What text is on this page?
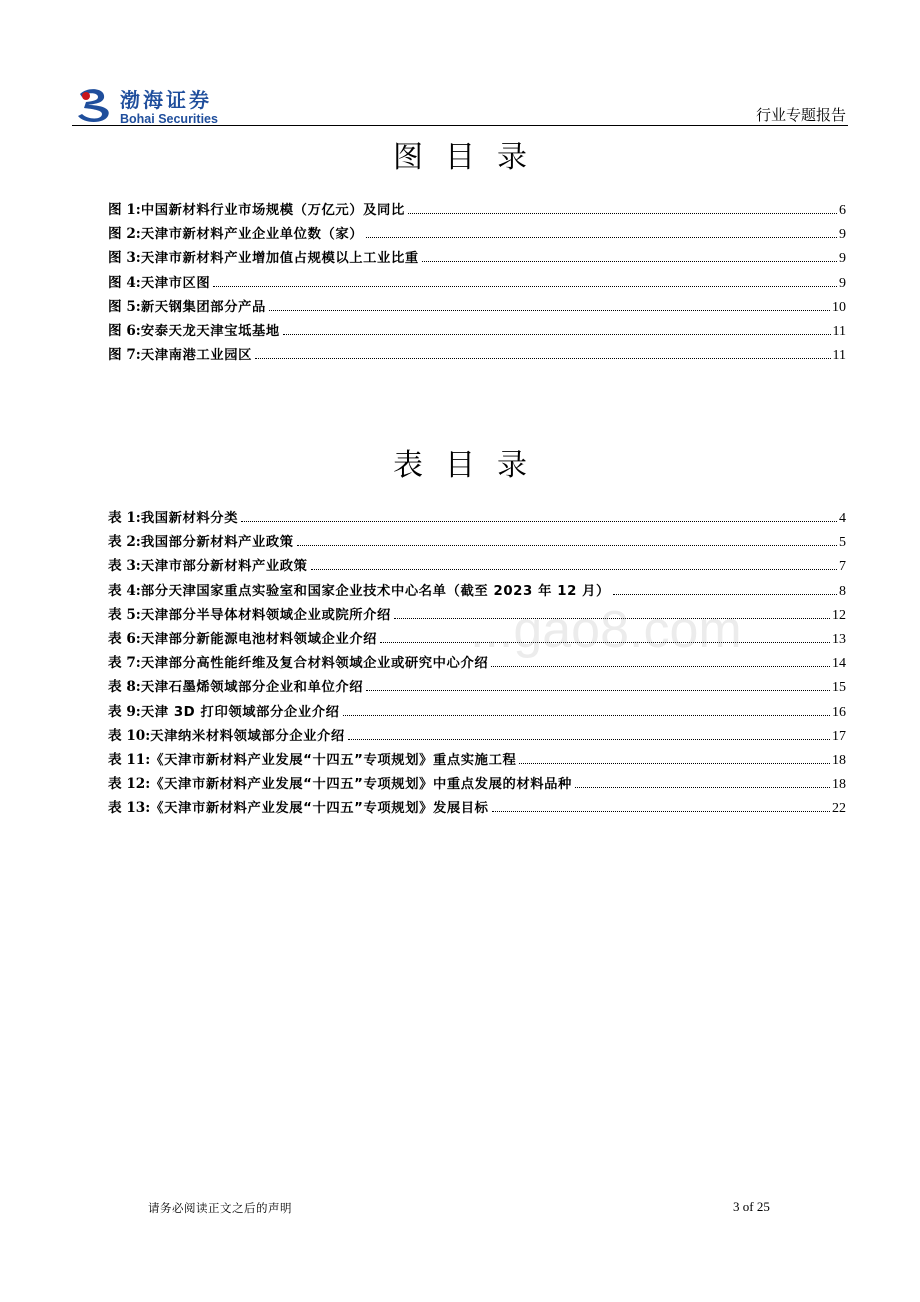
渤海证券
Bohai Securities	行业专题报告
图目录
图 1: 中国新材料行业市场规模（万亿元）及同比	6
图 2: 天津市新材料产业企业单位数（家）	9
图 3: 天津市新材料产业增加值占规模以上工业比重	9
图 4: 天津市区图	9
图 5: 新天钢集团部分产品	10
图 6: 安泰天龙天津宝坻基地	11
图 7: 天津南港工业园区	11
表目录
表 1: 我国新材料分类	4
表 2: 我国部分新材料产业政策	5
表 3: 天津市部分新材料产业政策	7
表 4: 部分天津国家重点实验室和国家企业技术中心名单（截至 2023 年 12 月）	8
表 5: 天津部分半导体材料领域企业或院所介绍	12
表 6: 天津部分新能源电池材料领域企业介绍	13
表 7: 天津部分高性能纤维及复合材料领域企业或研究中心介绍	14
表 8: 天津石墨烯领域部分企业和单位介绍	15
表 9: 天津 3D 打印领域部分企业介绍	16
表 10: 天津纳米材料领域部分企业介绍	17
表 11: 《天津市新材料产业发展“十四五”专项规划》重点实施工程	18
表 12: 《天津市新材料产业发展“十四五”专项规划》中重点发展的材料品种	18
表 13: 《天津市新材料产业发展“十四五”专项规划》发展目标	22
...gao8.com
请务必阅读正文之后的声明	3 of 25
